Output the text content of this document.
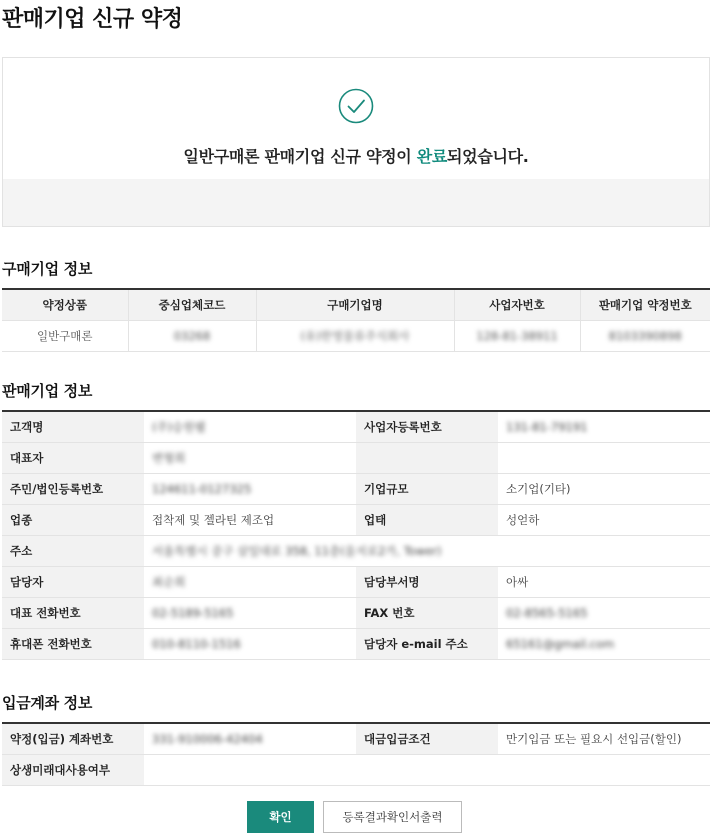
판매기업 신규 약정
일반구매론 판매기업 신규 약정이 완료되었습니다.
구매기업 정보
약정상품	중심업체코드	구매기업명	사업자번호	판매기업 약정번호
일반구매론	03268	(유)한영물류주식회사	128-81-38911	8103390898
판매기업 정보
고객명	(주)승원웰	사업자등록번호	131-81-79191
대표자	변형희		
주민/법인등록번호	124611-0127325	기업규모	소기업(기타)
업종	접착제 및 젤라틴 제조업	업태	성얻하
주소	서울특별시 중구 삼일대로 358, 11층(을지로2가, Tower)		
담당자	최순희	담당부서명	아싸
대표 전화번호	02-5189-5165	FAX 번호	02-8565-5165
휴대폰 전화번호	010-8110-1516	담당자 e-mail 주소	65161@gmail.com
입금계좌 정보
약정(입금) 계좌번호	331-910006-42404	대금입금조건	만기입금 또는 필요시 선입금(할인)
상생미래대사용여부			
확인	등록결과확인서출력
